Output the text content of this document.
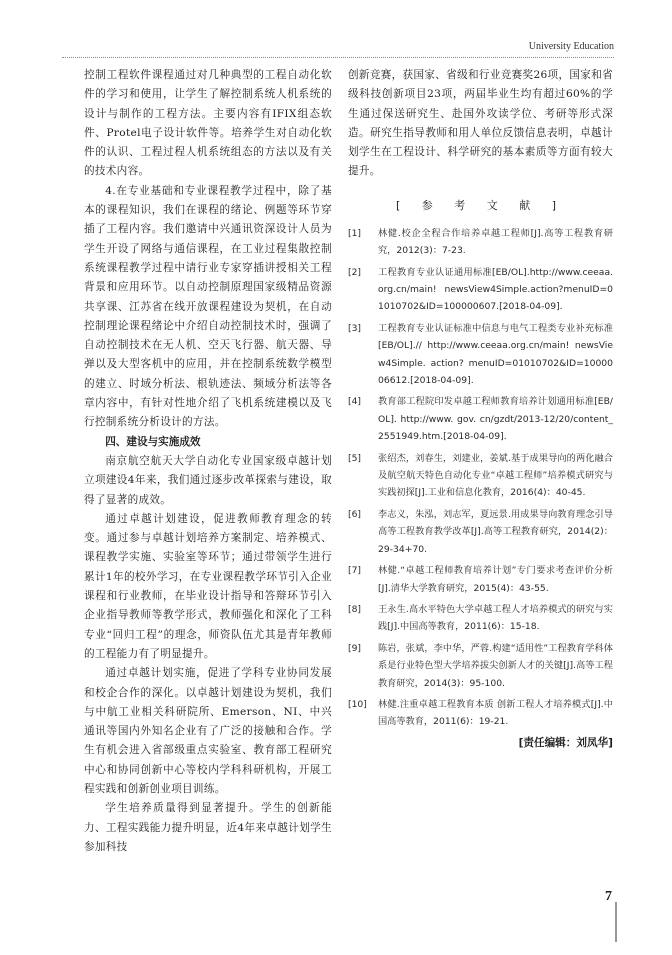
University Education

控制工程软件课程通过对几种典型的工程自动化软件的学习和使用，让学生了解控制系统人机系统的设计与制作的工程方法。主要内容有IFIX组态软件、Protel电子设计软件等。培养学生对自动化软件的认识、工程过程人机系统组态的方法以及有关的技术内容。

4.在专业基础和专业课程教学过程中，除了基本的课程知识，我们在课程的绪论、例题等环节穿插了工程内容。我们邀请中兴通讯资深设计人员为学生开设了网络与通信课程，在工业过程集散控制系统课程教学过程中请行业专家穿插讲授相关工程背景和应用环节。以自动控制原理国家级精品资源共享课、江苏省在线开放课程建设为契机，在自动控制理论课程绪论中介绍自动控制技术时，强调了自动控制技术在无人机、空天飞行器、航天器、导弹以及大型客机中的应用，并在控制系统数学模型的建立、时域分析法、根轨迹法、频域分析法等各章内容中，有针对性地介绍了飞机系统建模以及飞行控制系统分析设计的方法。

四、建设与实施成效

南京航空航天大学自动化专业国家级卓越计划立项建设4年来，我们通过逐步改革探索与建设，取得了显著的成效。

通过卓越计划建设，促进教师教育理念的转变。通过参与卓越计划培养方案制定、培养模式、课程教学实施、实验室等环节；通过带领学生进行累计1年的校外学习，在专业课程教学环节引入企业课程和行业教师，在毕业设计指导和答辩环节引入企业指导教师等教学形式，教师强化和深化了工科专业“回归工程”的理念，师资队伍尤其是青年教师的工程能力有了明显提升。

通过卓越计划实施，促进了学科专业协同发展和校企合作的深化。以卓越计划建设为契机，我们与中航工业相关科研院所、Emerson、NI、中兴通讯等国内外知名企业有了广泛的接触和合作。学生有机会进入省部级重点实验室、教育部工程研究中心和协同创新中心等校内学科科研机构，开展工程实践和创新创业项目训练。

学生培养质量得到显著提升。学生的创新能力、工程实践能力提升明显，近4年来卓越计划学生参加科技

创新竞赛，获国家、省级和行业竞赛奖26项，国家和省级科技创新项目23项，两届毕业生均有超过60%的学生通过保送研究生、赴国外攻读学位、考研等形式深造。研究生指导教师和用人单位反馈信息表明，卓越计划学生在工程设计、科学研究的基本素质等方面有较大提升。

[ 参 考 文 献 ]
[1]	林健.校企全程合作培养卓越工程师[J].高等工程教育研究，2012(3)：7-23.
[2]	工程教育专业认证通用标准[EB/OL].http://www.ceeaa.org.cn/main! newsView4Simple.action?menuID=01010702&ID=100000607.[2018-04-09].
[3]	工程教育专业认证标准中信息与电气工程类专业补充标准[EB/OL].// http://www.ceeaa.org.cn/main! newsView4Simple. action? menuID=01010702&ID=1000006612.[2018-04-09].
[4]	教育部工程院印发卓越工程师教育培养计划通用标准[EB/OL]. http://www. gov. cn/gzdt/2013-12/20/content_2551949.htm.[2018-04-09].
[5]	张绍杰，刘春生，刘建业，姜斌.基于成果导向的两化融合及航空航天特色自动化专业“卓越工程师”培养模式研究与实践初探[J].工业和信息化教育，2016(4)：40-45.
[6]	李志义，朱泓，刘志军，夏远景.用成果导向教育理念引导高等工程教育教学改革[J].高等工程教育研究，2014(2)：29-34+70.
[7]	林健.“卓越工程师教育培养计划”专门要求考查评价分析[J].清华大学教育研究，2015(4)：43-55.
[8]	王永生.高水平特色大学卓越工程人才培养模式的研究与实践[J].中国高等教育，2011(6)：15-18.
[9]	陈岩，张斌，李中华，严蓉.构建“适用性”工程教育学科体系是行业特色型大学培养拔尖创新人才的关键[J].高等工程教育研究，2014(3)：95-100.
[10]	林健.注重卓越工程教育本质 创新工程人才培养模式[J].中国高等教育，2011(6)：19-21.
[责任编辑：刘凤华]
7
